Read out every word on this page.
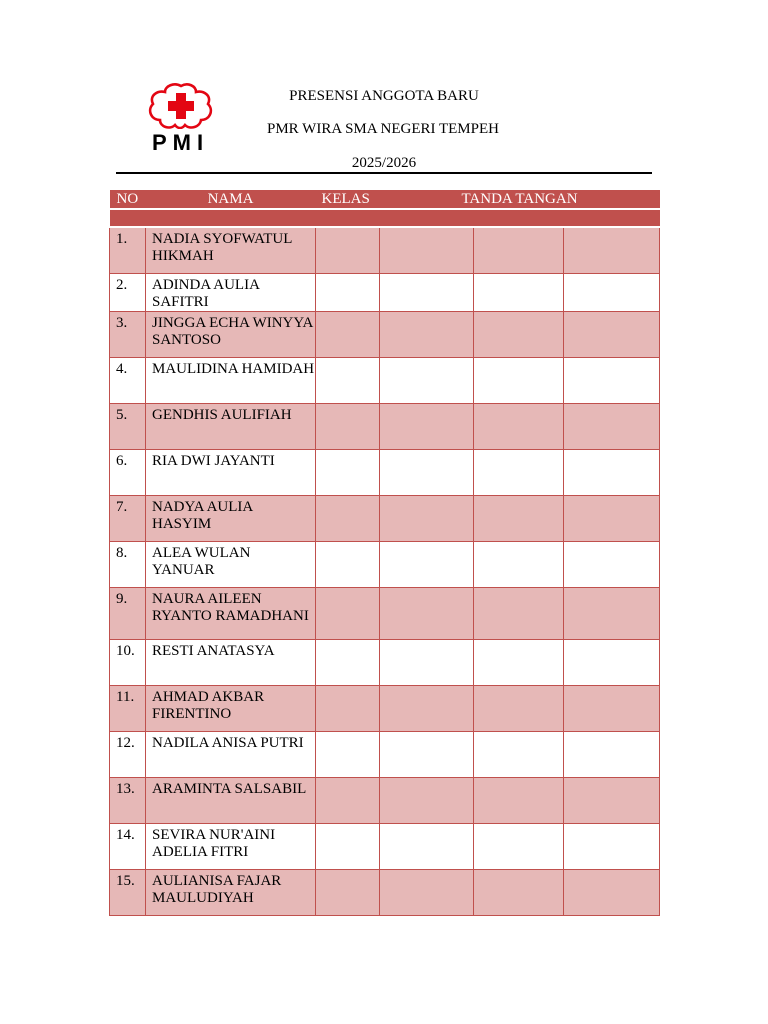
PMI
PRESENSI ANGGOTA BARU
PMR WIRA SMA NEGERI TEMPEH
2025/2026
NO	NAMA	KELAS	TANDA TANGAN		

1.	NADIA SYOFWATUL HIKMAH				
2.	ADINDA AULIA SAFITRI				
3.	JINGGA ECHA WINYYA SANTOSO				
4.	MAULIDINA HAMIDAH				
5.	GENDHIS AULIFIAH				
6.	RIA DWI JAYANTI				
7.	NADYA AULIA HASYIM				
8.	ALEA WULAN YANUAR				
9.	NAURA AILEEN RYANTO RAMADHANI				
10.	RESTI ANATASYA				
11.	AHMAD AKBAR FIRENTINO				
12.	NADILA ANISA PUTRI				
13.	ARAMINTA SALSABIL				
14.	SEVIRA NUR'AINI ADELIA FITRI				
15.	AULIANISA FAJAR MAULUDIYAH				
